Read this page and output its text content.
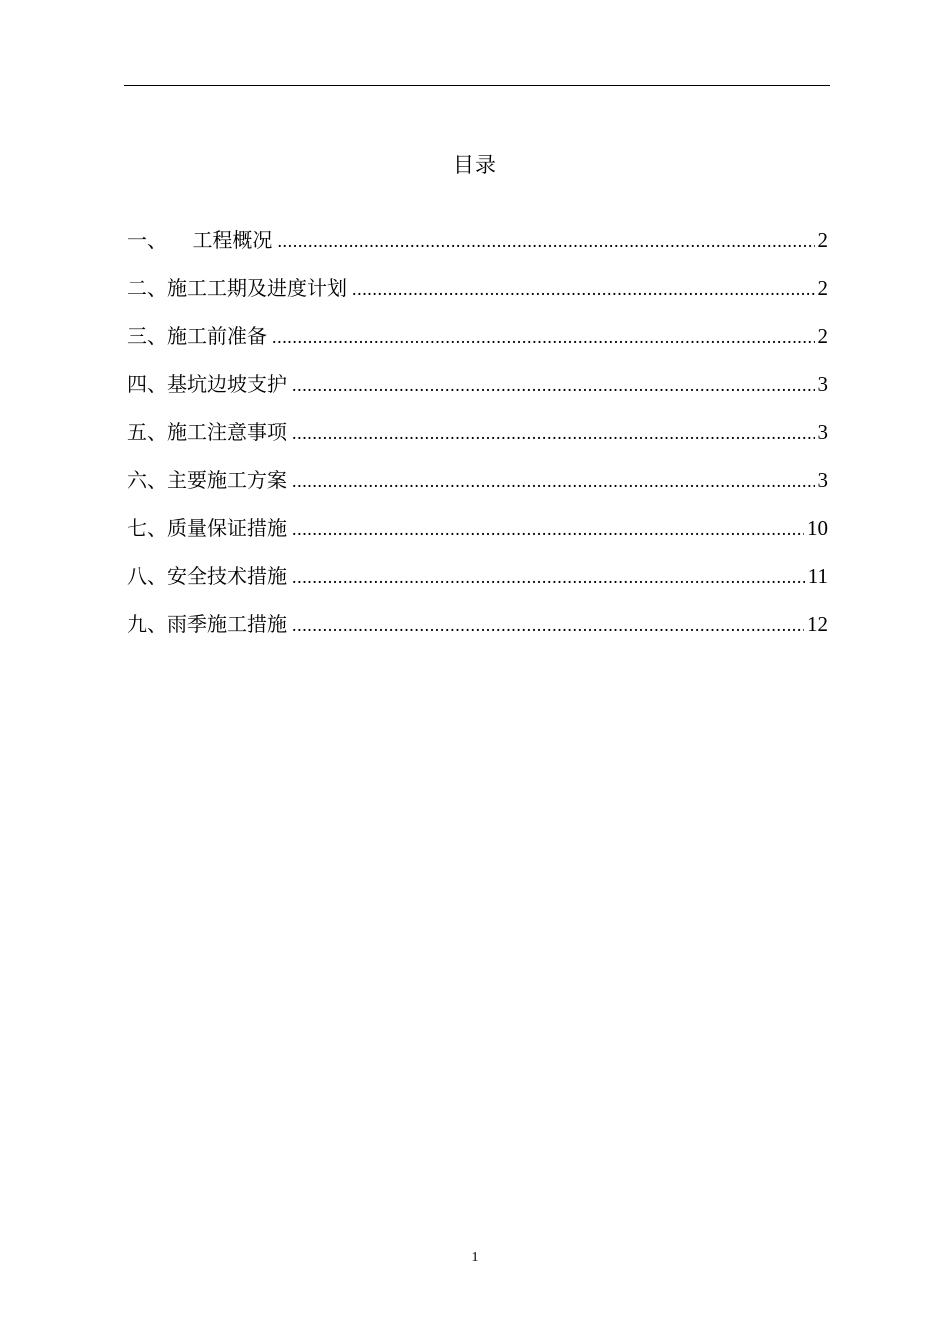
目录
一、 工程概况 .....	2
二、 施工工期及进度计划 .....	2
三、 施工前准备 .....	2
四、 基坑边坡支护 .....	3
五、 施工注意事项 .....	3
六、 主要施工方案 .....	3
七、 质量保证措施 .....	10
八、 安全技术措施 .....	11
九、 雨季施工措施 .....	12
1
